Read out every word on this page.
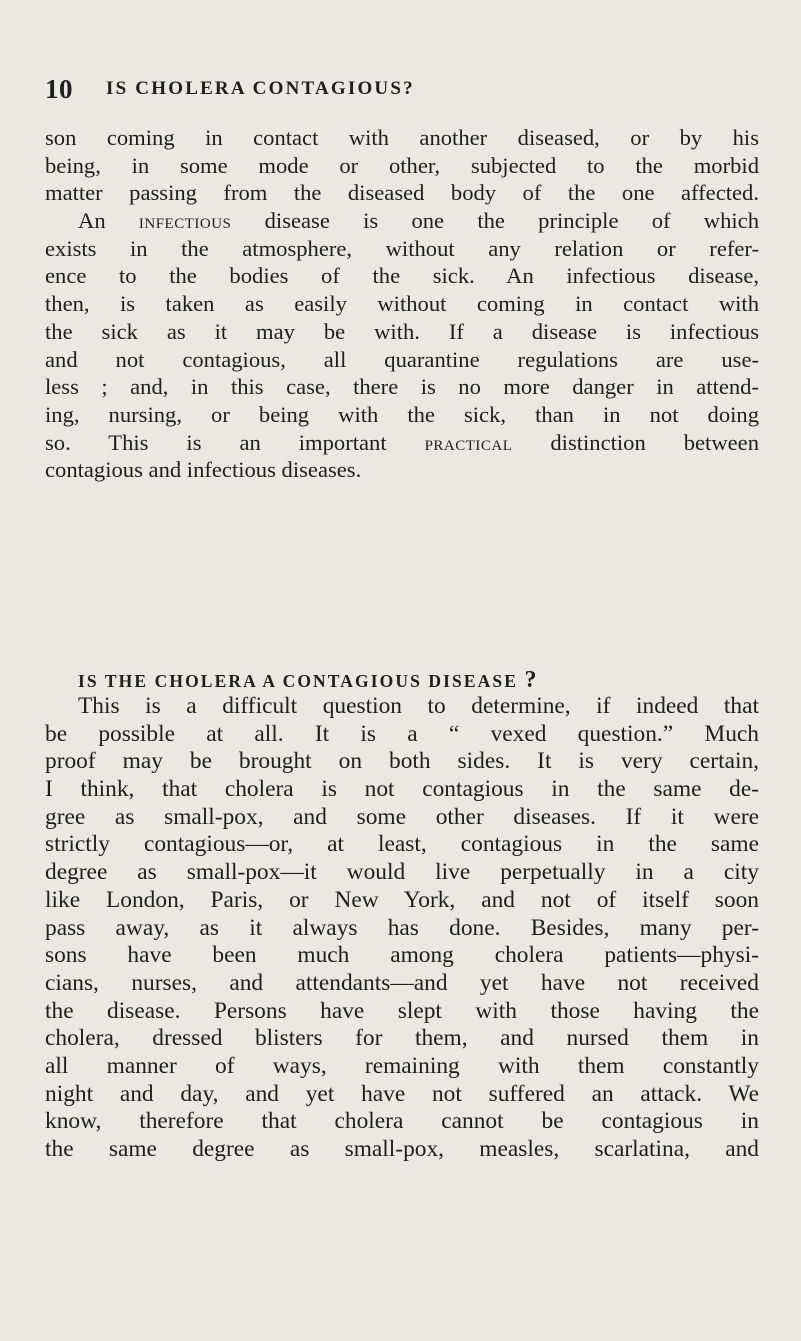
10 IS CHOLERA CONTAGIOUS?
son coming in contact with another diseased, or by his
being, in some mode or other, subjected to the morbid
matter passing from the diseased body of the one affected.
An infectious disease is one the principle of which
exists in the atmosphere, without any relation or refer-
ence to the bodies of the sick. An infectious disease,
then, is taken as easily without coming in contact with
the sick as it may be with. If a disease is infectious
and not contagious, all quarantine regulations are use-
less ; and, in this case, there is no more danger in attend-
ing, nursing, or being with the sick, than in not doing
so. This is an important practical distinction between
contagious and infectious diseases.
IS THE CHOLERA A CONTAGIOUS DISEASE ?
This is a difficult question to determine, if indeed that
be possible at all. It is a “ vexed question.” Much
proof may be brought on both sides. It is very certain,
I think, that cholera is not contagious in the same de-
gree as small-pox, and some other diseases. If it were
strictly contagious—or, at least, contagious in the same
degree as small-pox—it would live perpetually in a city
like London, Paris, or New York, and not of itself soon
pass away, as it always has done. Besides, many per-
sons have been much among cholera patients—physi-
cians, nurses, and attendants—and yet have not received
the disease. Persons have slept with those having the
cholera, dressed blisters for them, and nursed them in
all manner of ways, remaining with them constantly
night and day, and yet have not suffered an attack. We
know, therefore that cholera cannot be contagious in
the same degree as small-pox, measles, scarlatina, and
